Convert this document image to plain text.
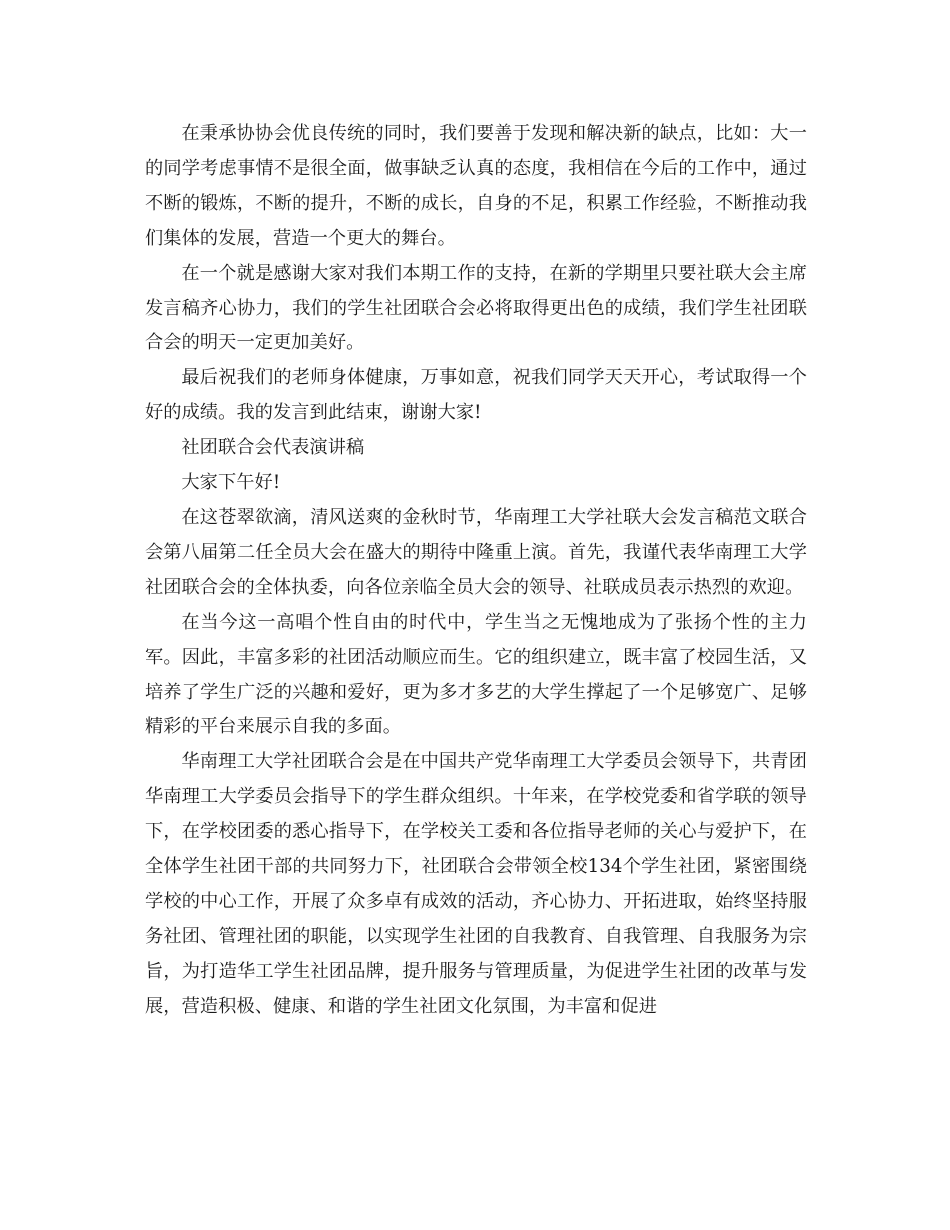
在秉承协协会优良传统的同时，我们要善于发现和解决新的缺点，比如：大一的同学考虑事情不是很全面，做事缺乏认真的态度，我相信在今后的工作中，通过不断的锻炼，不断的提升，不断的成长，自身的不足，积累工作经验，不断推动我们集体的发展，营造一个更大的舞台。

在一个就是感谢大家对我们本期工作的支持，在新的学期里只要社联大会主席发言稿齐心协力，我们的学生社团联合会必将取得更出色的成绩，我们学生社团联合会的明天一定更加美好。

最后祝我们的老师身体健康，万事如意，祝我们同学天天开心，考试取得一个好的成绩。我的发言到此结束，谢谢大家!

社团联合会代表演讲稿

大家下午好!

在这苍翠欲滴，清风送爽的金秋时节，华南理工大学社联大会发言稿范文联合会第八届第二任全员大会在盛大的期待中隆重上演。首先，我谨代表华南理工大学社团联合会的全体执委，向各位亲临全员大会的领导、社联成员表示热烈的欢迎。

在当今这一高唱个性自由的时代中，学生当之无愧地成为了张扬个性的主力军。因此，丰富多彩的社团活动顺应而生。它的组织建立，既丰富了校园生活，又培养了学生广泛的兴趣和爱好，更为多才多艺的大学生撑起了一个足够宽广、足够精彩的平台来展示自我的多面。

华南理工大学社团联合会是在中国共产党华南理工大学委员会领导下，共青团华南理工大学委员会指导下的学生群众组织。十年来，在学校党委和省学联的领导下，在学校团委的悉心指导下，在学校关工委和各位指导老师的关心与爱护下，在全体学生社团干部的共同努力下，社团联合会带领全校134个学生社团，紧密围绕学校的中心工作，开展了众多卓有成效的活动，齐心协力、开拓进取，始终坚持服务社团、管理社团的职能，以实现学生社团的自我教育、自我管理、自我服务为宗旨，为打造华工学生社团品牌，提升服务与管理质量，为促进学生社团的改革与发展，营造积极、健康、和谐的学生社团文化氛围，为丰富和促进
